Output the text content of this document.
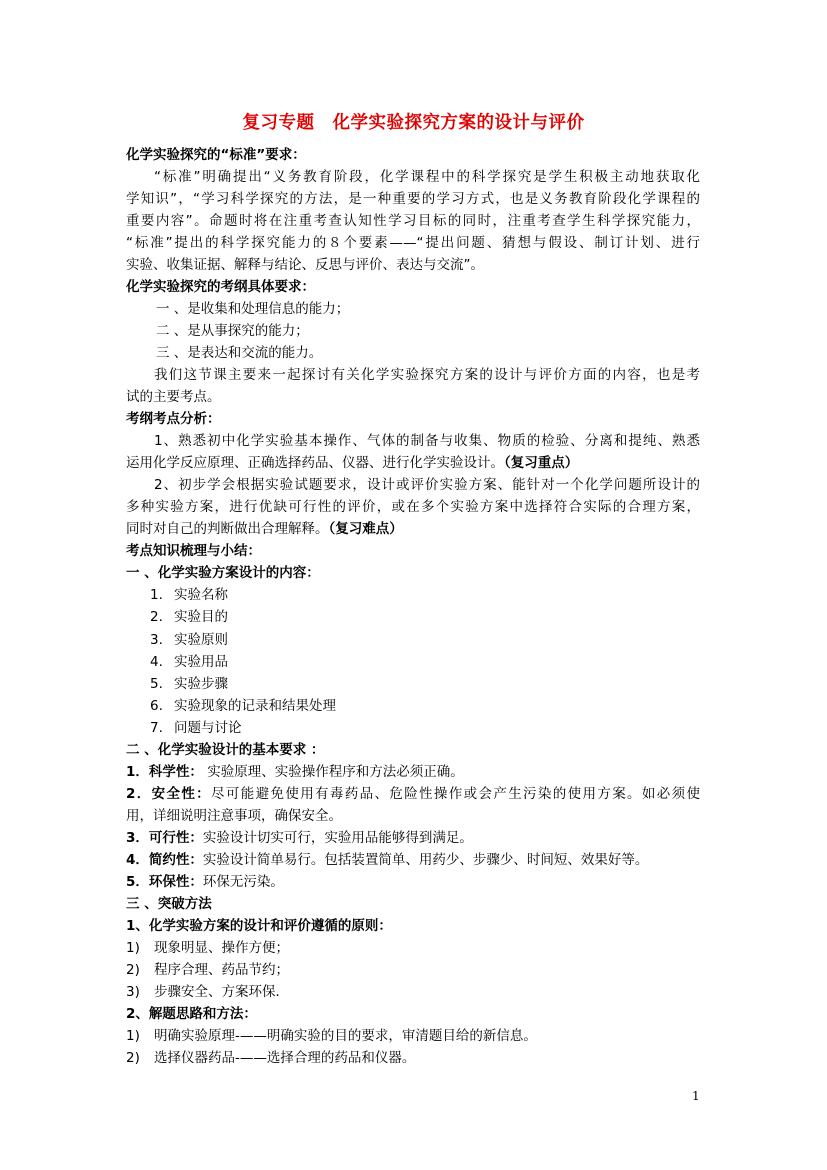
复习专题　化学实验探究方案的设计与评价
化学实验探究的“标准”要求：
“标准”明确提出“义务教育阶段，化学课程中的科学探究是学生积极主动地获取化
学知识”，“学习科学探究的方法，是一种重要的学习方式，也是义务教育阶段化学课程的
重要内容”。命题时将在注重考查认知性学习目标的同时，注重考查学生科学探究能力，
“标准”提出的科学探究能力的８个要素——“提出问题、猜想与假设、制订计划、进行
实验、收集证据、解释与结论、反思与评价、表达与交流”。
化学实验探究的考纲具体要求：
一 、是收集和处理信息的能力；
二 、是从事探究的能力；
三 、是表达和交流的能力。
我们这节课主要来一起探讨有关化学实验探究方案的设计与评价方面的内容，也是考
试的主要考点。
考纲考点分析：
1、熟悉初中化学实验基本操作、气体的制备与收集、物质的检验、分离和提纯、熟悉
运用化学反应原理、正确选择药品、仪器、进行化学实验设计。（复习重点）
2、初步学会根据实验试题要求，设计或评价实验方案、能针对一个化学问题所设计的
多种实验方案，进行优缺可行性的评价，或在多个实验方案中选择符合实际的合理方案，
同时对自己的判断做出合理解释。（复习难点）
考点知识梳理与小结：
一 、化学实验方案设计的内容：
1. 实验名称
2. 实验目的
3. 实验原则
4. 实验用品
5. 实验步骤
6. 实验现象的记录和结果处理
7. 问题与讨论
二 、化学实验设计的基本要求 ：
1．科学性： 实验原理、实验操作程序和方法必须正确。
2．安全性：尽可能避免使用有毒药品、危险性操作或会产生污染的使用方案。如必须使
用，详细说明注意事项，确保安全。
3．可行性：实验设计切实可行，实验用品能够得到满足。
4．简约性：实验设计简单易行。包括装置简单、用药少、步骤少、时间短、效果好等。
5．环保性：环保无污染。
三 、突破方法
1、化学实验方案的设计和评价遵循的原则：
1) 现象明显、操作方便；
2) 程序合理、药品节约；
3) 步骤安全、方案环保．
2、解题思路和方法：
1) 明确实验原理-——明确实验的目的要求，审清题目给的新信息。
2) 选择仪器药品-——选择合理的药品和仪器。
1
